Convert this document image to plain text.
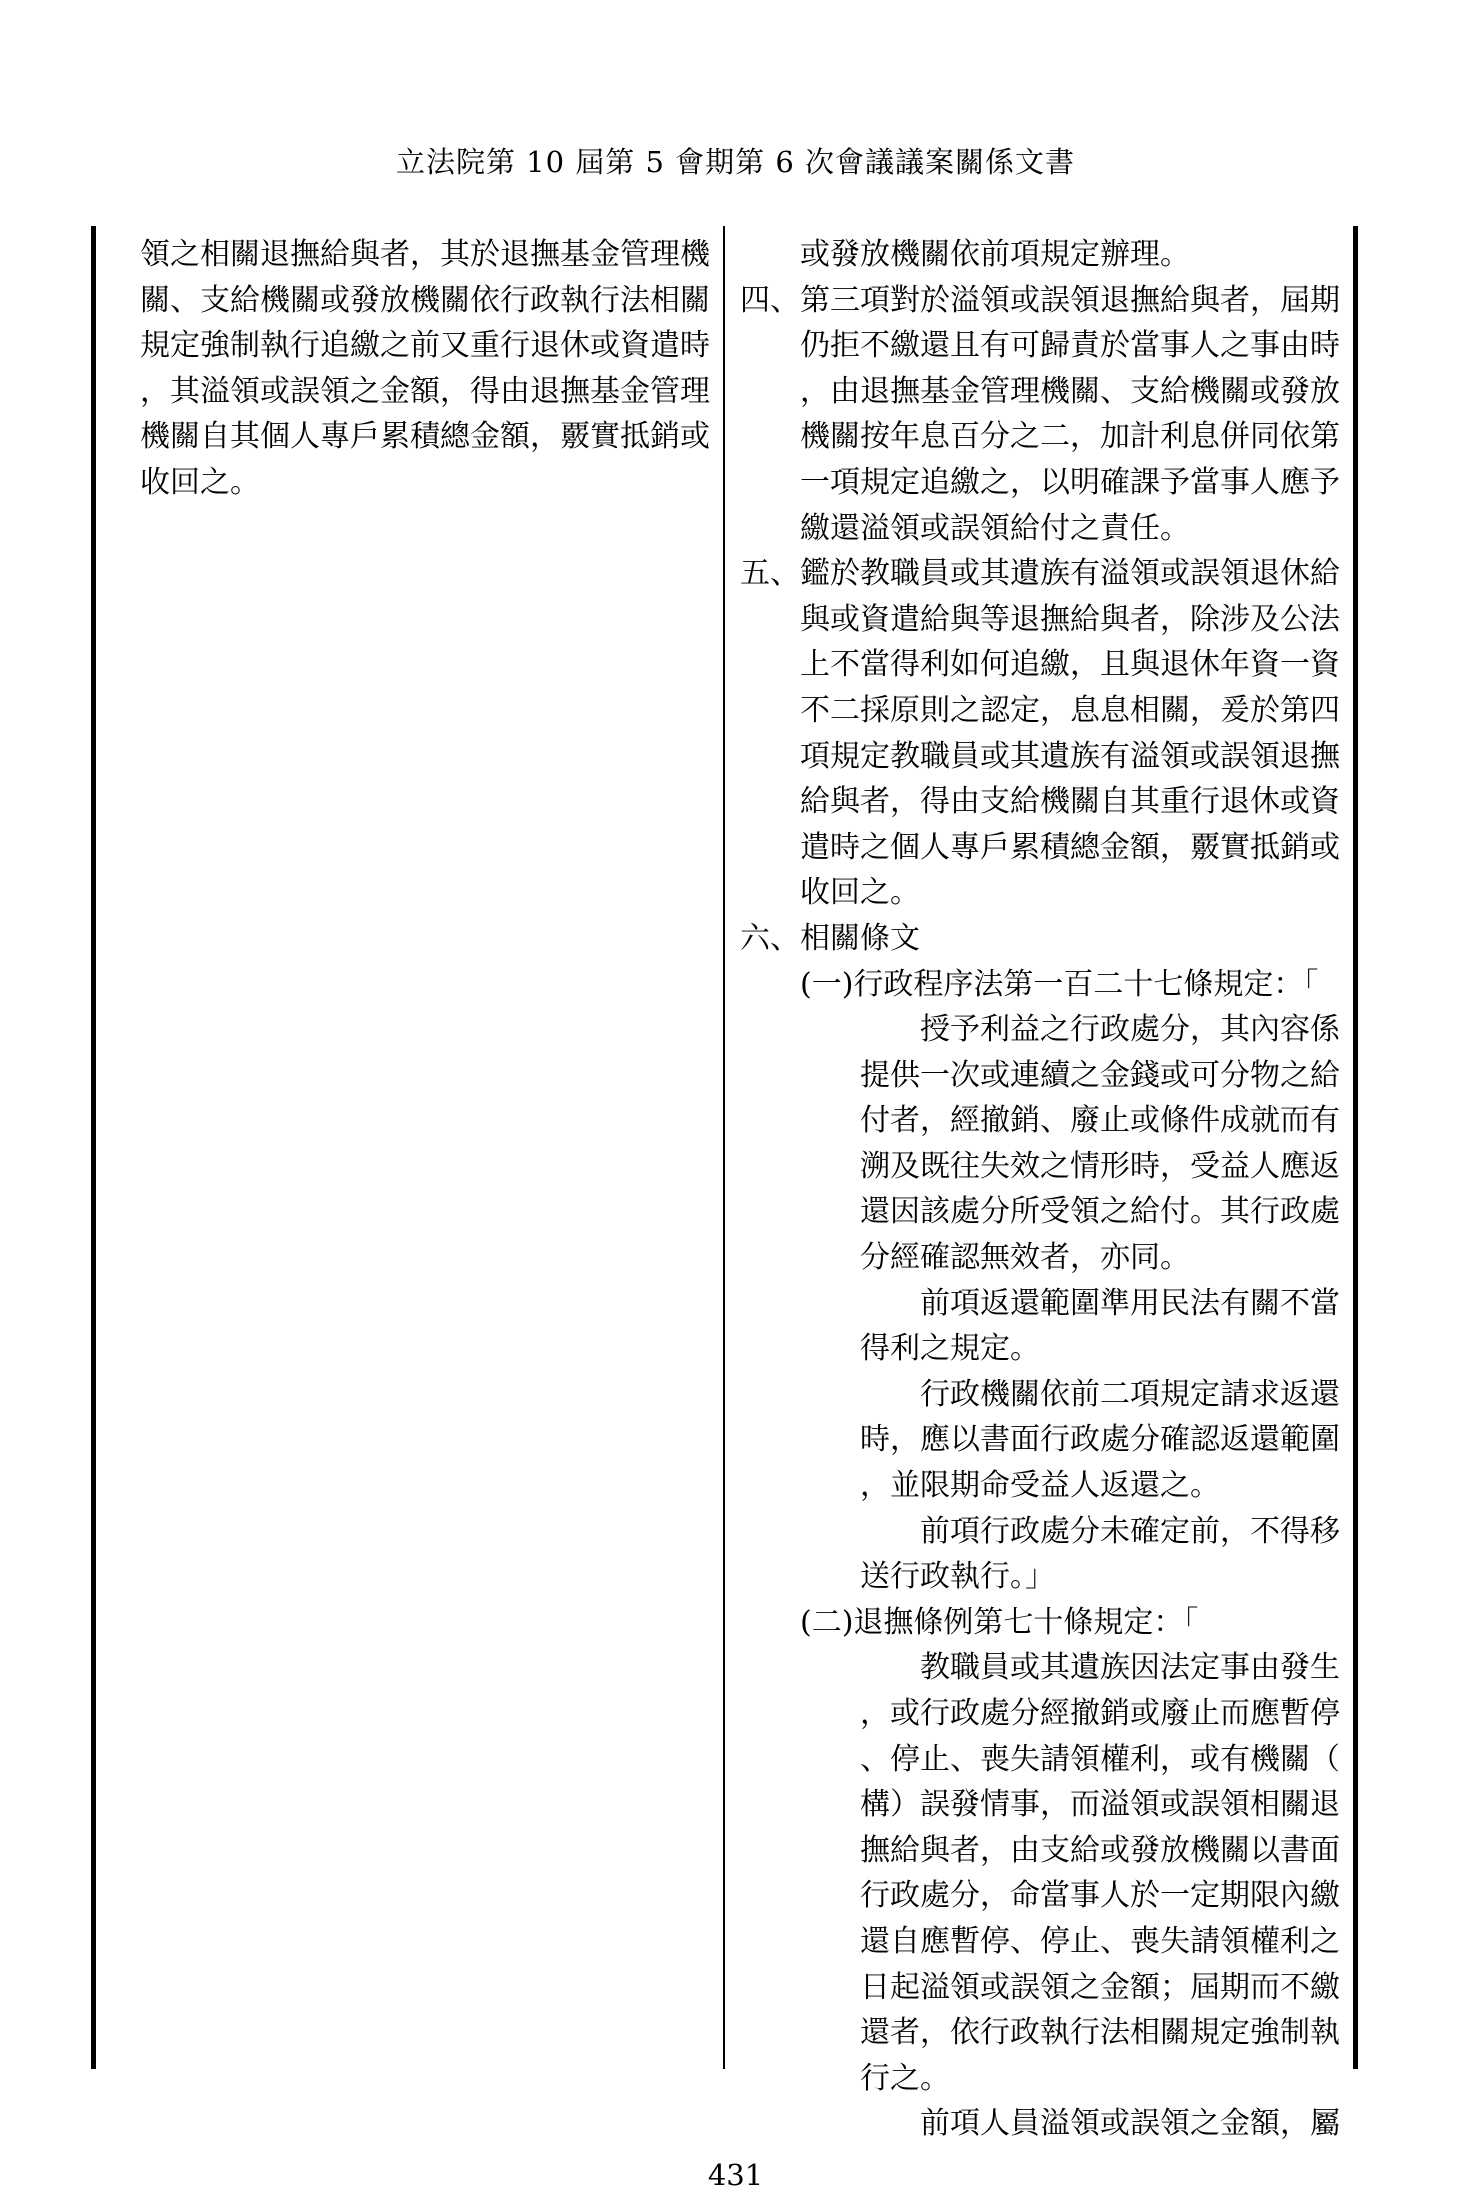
立法院第 10 屆第 5 會期第 6 次會議議案關係文書
領之相關退撫給與者，其於退撫基金管理機
關、支給機關或發放機關依行政執行法相關
規定強制執行追繳之前又重行退休或資遣時
，其溢領或誤領之金額，得由退撫基金管理
機關自其個人專戶累積總金額，覈實抵銷或
收回之。
或發放機關依前項規定辦理。
四、第三項對於溢領或誤領退撫給與者，屆期
仍拒不繳還且有可歸責於當事人之事由時
，由退撫基金管理機關、支給機關或發放
機關按年息百分之二，加計利息併同依第
一項規定追繳之，以明確課予當事人應予
繳還溢領或誤領給付之責任。
五、鑑於教職員或其遺族有溢領或誤領退休給
與或資遣給與等退撫給與者，除涉及公法
上不當得利如何追繳，且與退休年資一資
不二採原則之認定，息息相關，爰於第四
項規定教職員或其遺族有溢領或誤領退撫
給與者，得由支給機關自其重行退休或資
遣時之個人專戶累積總金額，覈實抵銷或
收回之。
六、相關條文
(一)行政程序法第一百二十七條規定：「
授予利益之行政處分，其內容係
提供一次或連續之金錢或可分物之給
付者，經撤銷、廢止或條件成就而有
溯及既往失效之情形時，受益人應返
還因該處分所受領之給付。其行政處
分經確認無效者，亦同。
前項返還範圍準用民法有關不當
得利之規定。
行政機關依前二項規定請求返還
時，應以書面行政處分確認返還範圍
，並限期命受益人返還之。
前項行政處分未確定前，不得移
送行政執行。」
(二)退撫條例第七十條規定：「
教職員或其遺族因法定事由發生
，或行政處分經撤銷或廢止而應暫停
、停止、喪失請領權利，或有機關（
構）誤發情事，而溢領或誤領相關退
撫給與者，由支給或發放機關以書面
行政處分，命當事人於一定期限內繳
還自應暫停、停止、喪失請領權利之
日起溢領或誤領之金額；屆期而不繳
還者，依行政執行法相關規定強制執
行之。
前項人員溢領或誤領之金額，屬
431
